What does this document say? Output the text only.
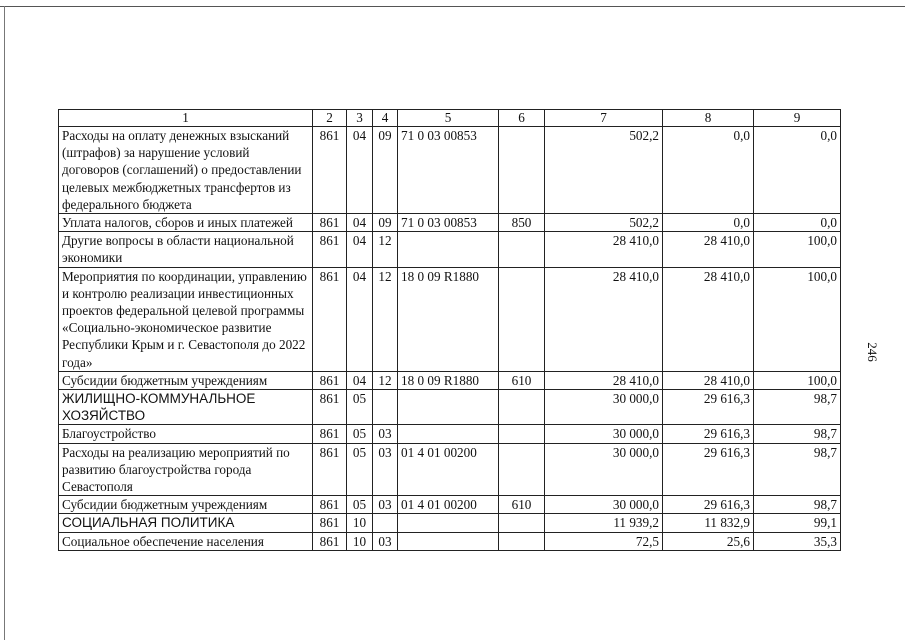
246
1	2	3	4	5	6	7	8	9
Расходы на оплату денежных взысканий (штрафов) за нарушение условий договоров (соглашений) о предоставлении целевых межбюджетных трансфертов из федерального бюджета	861	04	09	71 0 03 00853		502,2	0,0	0,0
Уплата налогов, сборов и иных платежей	861	04	09	71 0 03 00853	850	502,2	0,0	0,0
Другие вопросы в области национальной экономики	861	04	12			28 410,0	28 410,0	100,0
Мероприятия по координации, управлению и контролю реализации инвестиционных проектов федеральной целевой программы «Социально-экономическое развитие Республики Крым и г. Севастополя до 2022 года»	861	04	12	18 0 09 R1880		28 410,0	28 410,0	100,0
Субсидии бюджетным учреждениям	861	04	12	18 0 09 R1880	610	28 410,0	28 410,0	100,0
ЖИЛИЩНО-КОММУНАЛЬНОЕ ХОЗЯЙСТВО	861	05				30 000,0	29 616,3	98,7
Благоустройство	861	05	03			30 000,0	29 616,3	98,7
Расходы на реализацию мероприятий по развитию благоустройства города Севастополя	861	05	03	01 4 01 00200		30 000,0	29 616,3	98,7
Субсидии бюджетным учреждениям	861	05	03	01 4 01 00200	610	30 000,0	29 616,3	98,7
СОЦИАЛЬНАЯ ПОЛИТИКА	861	10				11 939,2	11 832,9	99,1
Социальное обеспечение населения	861	10	03			72,5	25,6	35,3
